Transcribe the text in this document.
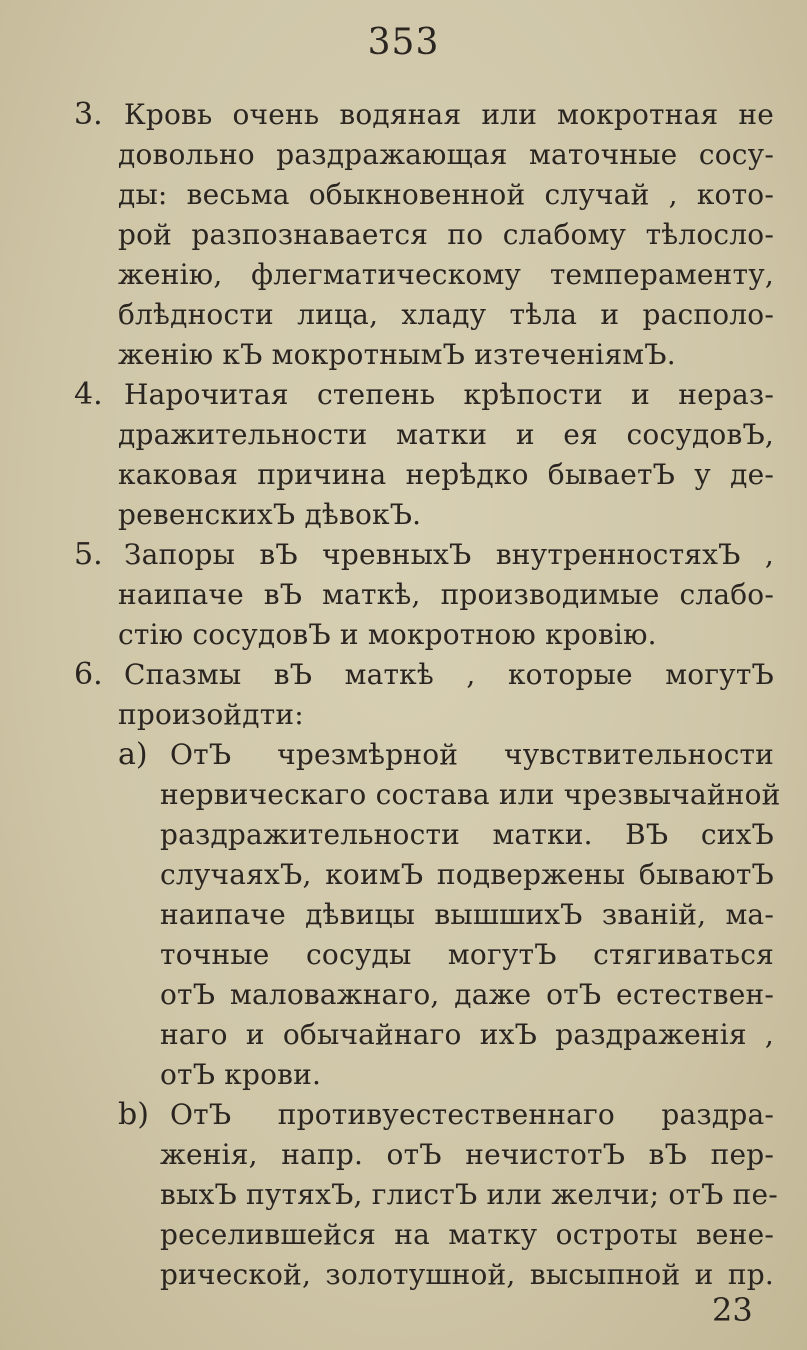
353
3. Кровь очень водяная или мокротная не
довольно раздражающая маточные сосу-
ды: весьма обыкновенной случай , кото-
рой разпознавается по слабому тѣлосло-
женію, флегматическому темпераменту,
блѣдности лица, хладу тѣла и располо-
женію кЪ мокротнымЪ изтеченіямЪ.
4. Нарочитая степень крѣпости и нераз-
дражительности матки и ея сосудовЪ,
каковая причина нерѣдко бываетЪ у де-
ревенскихЪ дѣвокЪ.
5. Запоры вЪ чревныхЪ внутренностяхЪ ,
наипаче вЪ маткѣ, производимые слабо-
стію сосудовЪ и мокротною кровію.
6. Спазмы вЪ маткѣ , которые могутЪ
произойдти:
а) ОтЪ чрезмѣрной чувствительности
нервическаго состава или чрезвычайной
раздражительности матки. ВЪ сихЪ
случаяхЪ, коимЪ подвержены бываютЪ
наипаче дѣвицы вышшихЪ званій, ма-
точные сосуды могутЪ стягиваться
отЪ маловажнаго, даже отЪ естествен-
наго и обычайнаго ихЪ раздраженія ,
отЪ крови.
b) ОтЪ противуестественнаго раздра-
женія, напр. отЪ нечистотЪ вЪ пер-
выхЪ путяхЪ, глистЪ или желчи; отЪ пе-
реселившейся на матку остроты вене-
рической, золотушной, высыпной и пр.
23
